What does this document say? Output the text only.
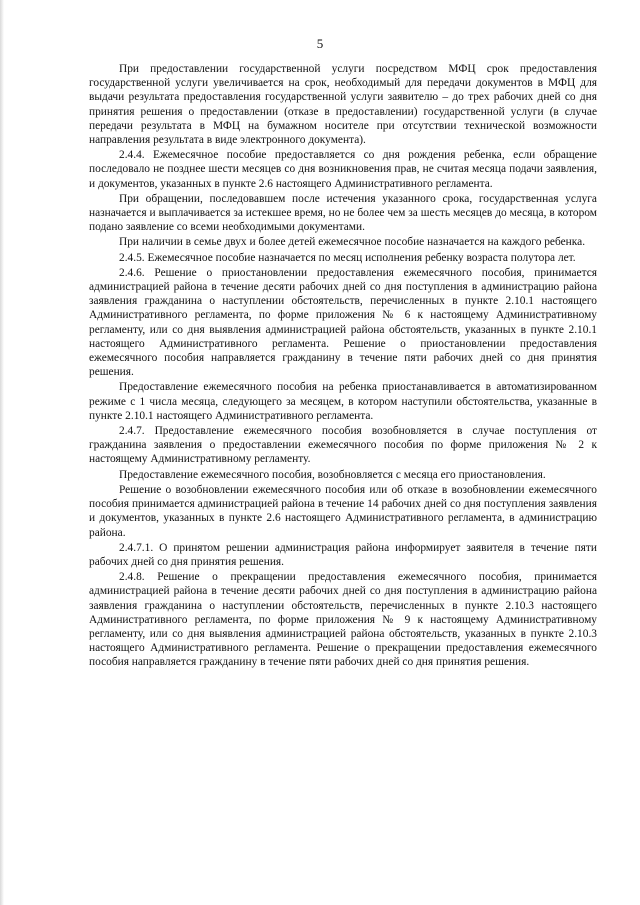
5

При предоставлении государственной услуги посредством МФЦ срок предоставления государственной услуги увеличивается на срок, необходимый для передачи документов в МФЦ для выдачи результата предоставления государственной услуги заявителю – до трех рабочих дней со дня принятия решения о предоставлении (отказе в предоставлении) государственной услуги (в случае передачи результата в МФЦ на бумажном носителе при отсутствии технической возможности направления результата в виде электронного документа).

2.4.4. Ежемесячное пособие предоставляется со дня рождения ребенка, если обращение последовало не позднее шести месяцев со дня возникновения прав, не считая месяца подачи заявления, и документов, указанных в пункте 2.6 настоящего Административного регламента.

При обращении, последовавшем после истечения указанного срока, государственная услуга назначается и выплачивается за истекшее время, но не более чем за шесть месяцев до месяца, в котором подано заявление со всеми необходимыми документами.

При наличии в семье двух и более детей ежемесячное пособие назначается на каждого ребенка.

2.4.5. Ежемесячное пособие назначается по месяц исполнения ребенку возраста полутора лет.

2.4.6. Решение о приостановлении предоставления ежемесячного пособия, принимается администрацией района в течение десяти рабочих дней со дня поступления в администрацию района заявления гражданина о наступлении обстоятельств, перечисленных в пункте 2.10.1 настоящего Административного регламента, по форме приложения № 6 к настоящему Административному регламенту, или со дня выявления администрацией района обстоятельств, указанных в пункте 2.10.1 настоящего Административного регламента. Решение о приостановлении предоставления ежемесячного пособия направляется гражданину в течение пяти рабочих дней со дня принятия решения.

Предоставление ежемесячного пособия на ребенка приостанавливается в автоматизированном режиме с 1 числа месяца, следующего за месяцем, в котором наступили обстоятельства, указанные в пункте 2.10.1 настоящего Административного регламента.

2.4.7. Предоставление ежемесячного пособия возобновляется в случае поступления от гражданина заявления о предоставлении ежемесячного пособия по форме приложения № 2 к настоящему Административному регламенту.

Предоставление ежемесячного пособия, возобновляется с месяца его приостановления.

Решение о возобновлении ежемесячного пособия или об отказе в возобновлении ежемесячного пособия принимается администрацией района в течение 14 рабочих дней со дня поступления заявления и документов, указанных в пункте 2.6 настоящего Административного регламента, в администрацию района.

2.4.7.1. О принятом решении администрация района информирует заявителя в течение пяти рабочих дней со дня принятия решения.

2.4.8. Решение о прекращении предоставления ежемесячного пособия, принимается администрацией района в течение десяти рабочих дней со дня поступления в администрацию района заявления гражданина о наступлении обстоятельств, перечисленных в пункте 2.10.3 настоящего Административного регламента, по форме приложения № 9 к настоящему Административному регламенту, или со дня выявления администрацией района обстоятельств, указанных в пункте 2.10.3 настоящего Административного регламента. Решение о прекращении предоставления ежемесячного пособия направляется гражданину в течение пяти рабочих дней со дня принятия решения.
